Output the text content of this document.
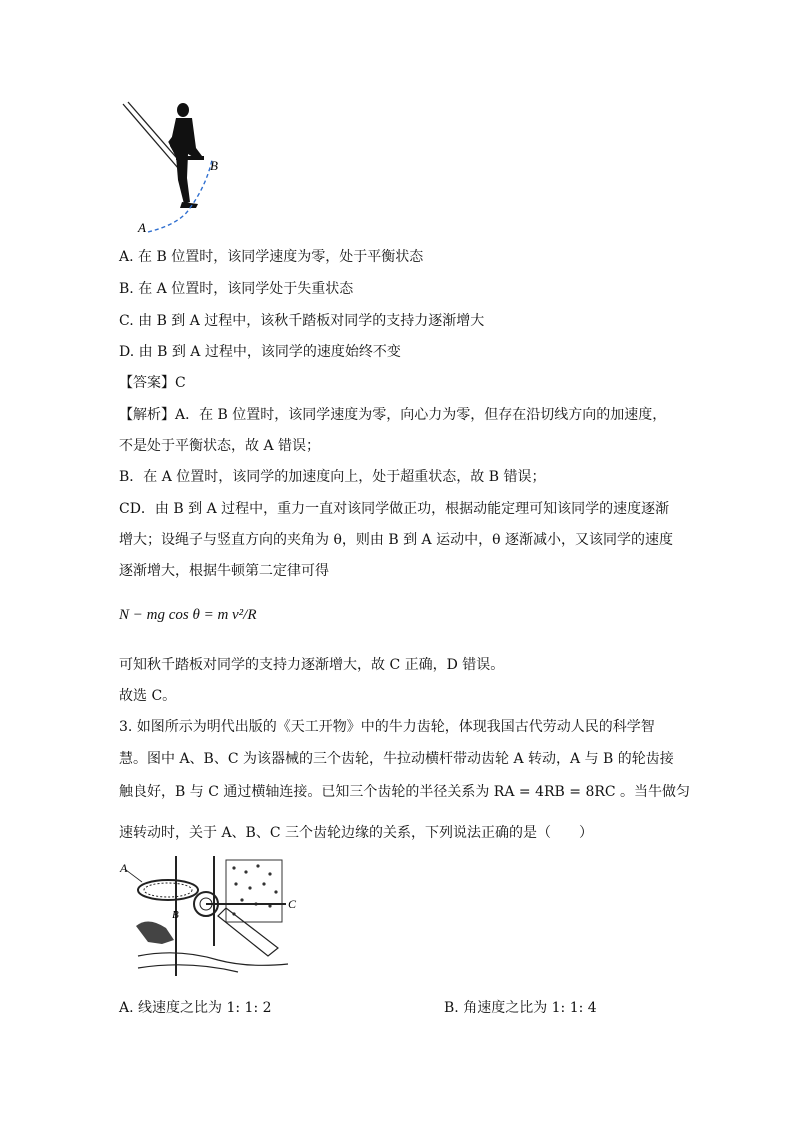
A
B
A. 在 B 位置时，该同学速度为零，处于平衡状态
B. 在 A 位置时，该同学处于失重状态
C. 由 B 到 A 过程中，该秋千踏板对同学的支持力逐渐增大
D. 由 B 到 A 过程中，该同学的速度始终不变
【答案】C
【解析】A．在 B 位置时，该同学速度为零，向心力为零，但存在沿切线方向的加速度，
不是处于平衡状态，故 A 错误；
B．在 A 位置时，该同学的加速度向上，处于超重状态，故 B 错误；
CD．由 B 到 A 过程中，重力一直对该同学做正功，根据动能定理可知该同学的速度逐渐
增大；设绳子与竖直方向的夹角为 θ，则由 B 到 A 运动中，θ 逐渐减小，又该同学的速度
逐渐增大，根据牛顿第二定律可得
N − mg cos θ = m v²/R
可知秋千踏板对同学的支持力逐渐增大，故 C 正确，D 错误。
故选 C。
3. 如图所示为明代出版的《天工开物》中的牛力齿轮，体现我国古代劳动人民的科学智
慧。图中 A、B、C 为该器械的三个齿轮，牛拉动横杆带动齿轮 A 转动，A 与 B 的轮齿接
触良好，B 与 C 通过横轴连接。已知三个齿轮的半径关系为 RA = 4RB = 8RC 。当牛做匀
速转动时，关于 A、B、C 三个齿轮边缘的关系，下列说法正确的是（　　）
A
B
C
A. 线速度之比为 1: 1: 2	B. 角速度之比为 1: 1: 4
